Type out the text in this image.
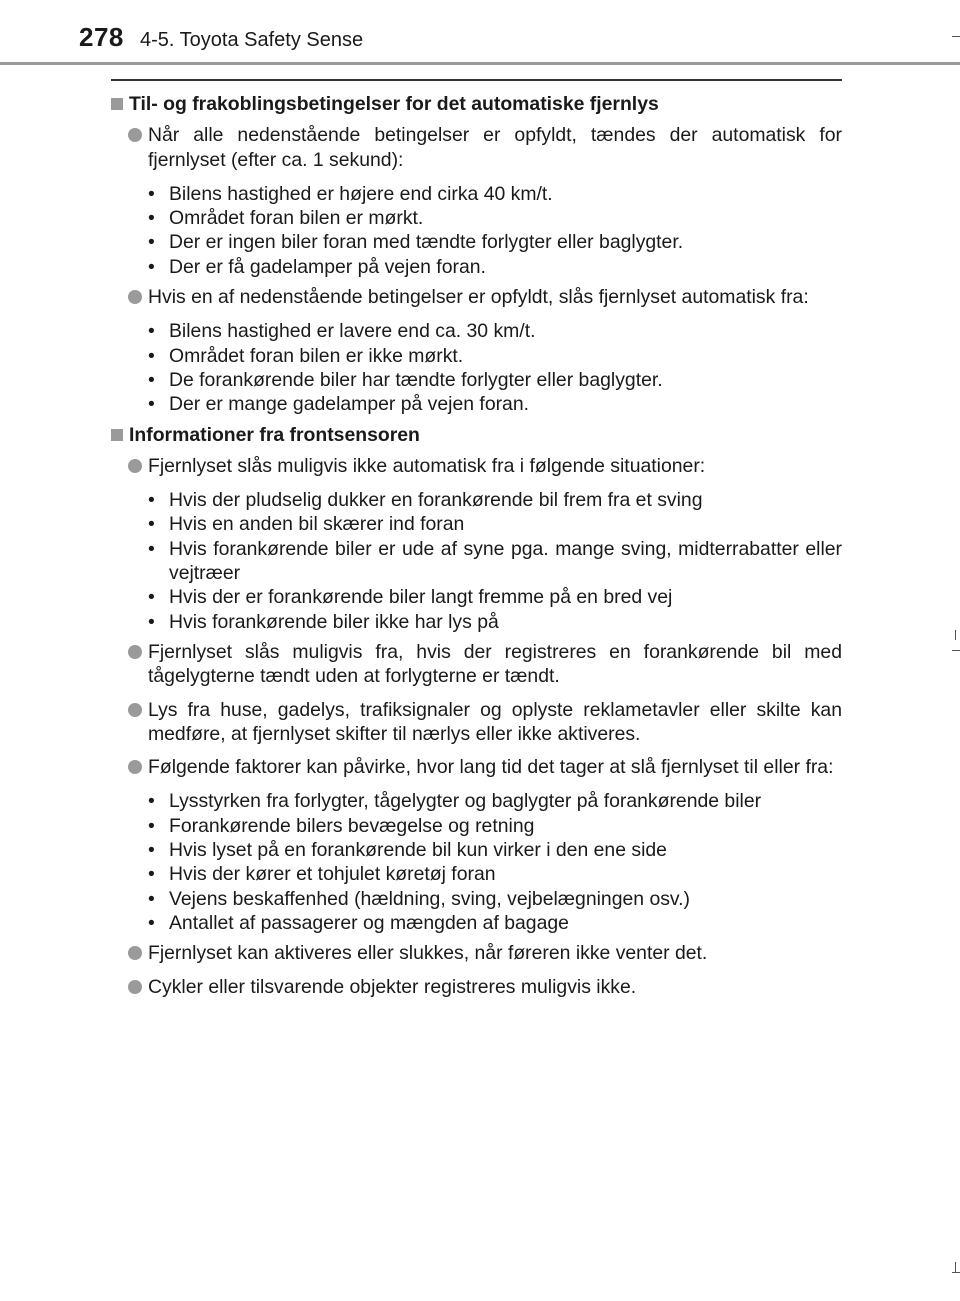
278 4-5. Toyota Safety Sense
Til- og frakoblingsbetingelser for det automatiske fjernlys
Når alle nedenstående betingelser er opfyldt, tændes der automatisk for fjernlyset (efter ca. 1 sekund):
• Bilens hastighed er højere end cirka 40 km/t.
• Området foran bilen er mørkt.
• Der er ingen biler foran med tændte forlygter eller baglygter.
• Der er få gadelamper på vejen foran.
Hvis en af nedenstående betingelser er opfyldt, slås fjernlyset automatisk fra:
• Bilens hastighed er lavere end ca. 30 km/t.
• Området foran bilen er ikke mørkt.
• De forankørende biler har tændte forlygter eller baglygter.
• Der er mange gadelamper på vejen foran.
Informationer fra frontsensoren
Fjernlyset slås muligvis ikke automatisk fra i følgende situationer:
• Hvis der pludselig dukker en forankørende bil frem fra et sving
• Hvis en anden bil skærer ind foran
• Hvis forankørende biler er ude af syne pga. mange sving, midterrabatter eller vejtræer
• Hvis der er forankørende biler langt fremme på en bred vej
• Hvis forankørende biler ikke har lys på
Fjernlyset slås muligvis fra, hvis der registreres en forankørende bil med tågelygterne tændt uden at forlygterne er tændt.
Lys fra huse, gadelys, trafiksignaler og oplyste reklametavler eller skilte kan medføre, at fjernlyset skifter til nærlys eller ikke aktiveres.
Følgende faktorer kan påvirke, hvor lang tid det tager at slå fjernlyset til eller fra:
• Lysstyrken fra forlygter, tågelygter og baglygter på forankørende biler
• Forankørende bilers bevægelse og retning
• Hvis lyset på en forankørende bil kun virker i den ene side
• Hvis der kører et tohjulet køretøj foran
• Vejens beskaffenhed (hældning, sving, vejbelægningen osv.)
• Antallet af passagerer og mængden af bagage
Fjernlyset kan aktiveres eller slukkes, når føreren ikke venter det.
Cykler eller tilsvarende objekter registreres muligvis ikke.
